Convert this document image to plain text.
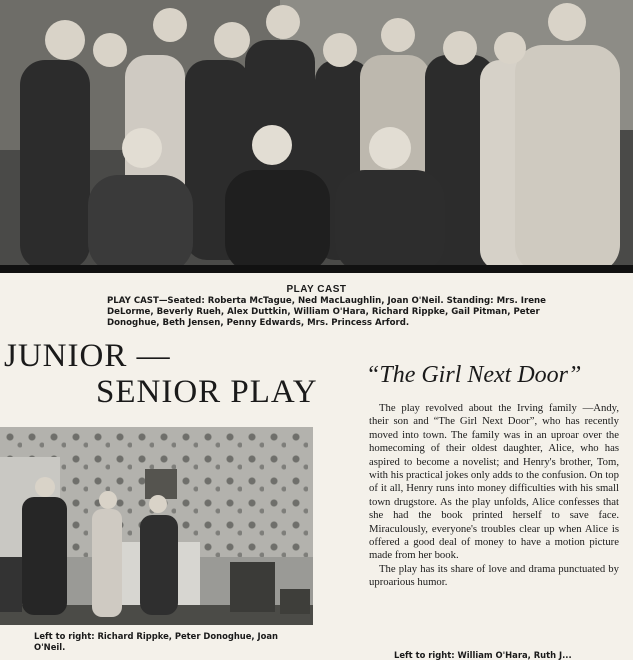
PLAY CAST
PLAY CAST—Seated: Roberta McTague, Ned MacLaughlin, Joan O'Neil. Standing: Mrs. Irene DeLorme, Beverly Rueh, Alex Duttkin, William O'Hara, Richard Rippke, Gail Pitman, Peter Donoghue, Beth Jensen, Penny Edwards, Mrs. Princess Arford.
JUNIOR —
SENIOR PLAY “The Girl Next Door”

The play revolved about the Irving family —Andy, their son and “The Girl Next Door”, who has recently moved into town. The family was in an uproar over the homecoming of their oldest daughter, Alice, who has aspired to become a novelist; and Henry's brother, Tom, with his practical jokes only adds to the confusion. On top of it all, Henry runs into money difficulties with his small town drugstore. As the play unfolds, Alice confesses that she had the book printed herself to save face. Miraculously, everyone's troubles clear up when Alice is offered a good deal of money to have a motion picture made from her book.

The play has its share of love and drama punctuated by uproarious humor.

Left to right: Richard Rippke, Peter Donoghue, Joan O'Neil.
Left to right: William O'Hara, Ruth J...
